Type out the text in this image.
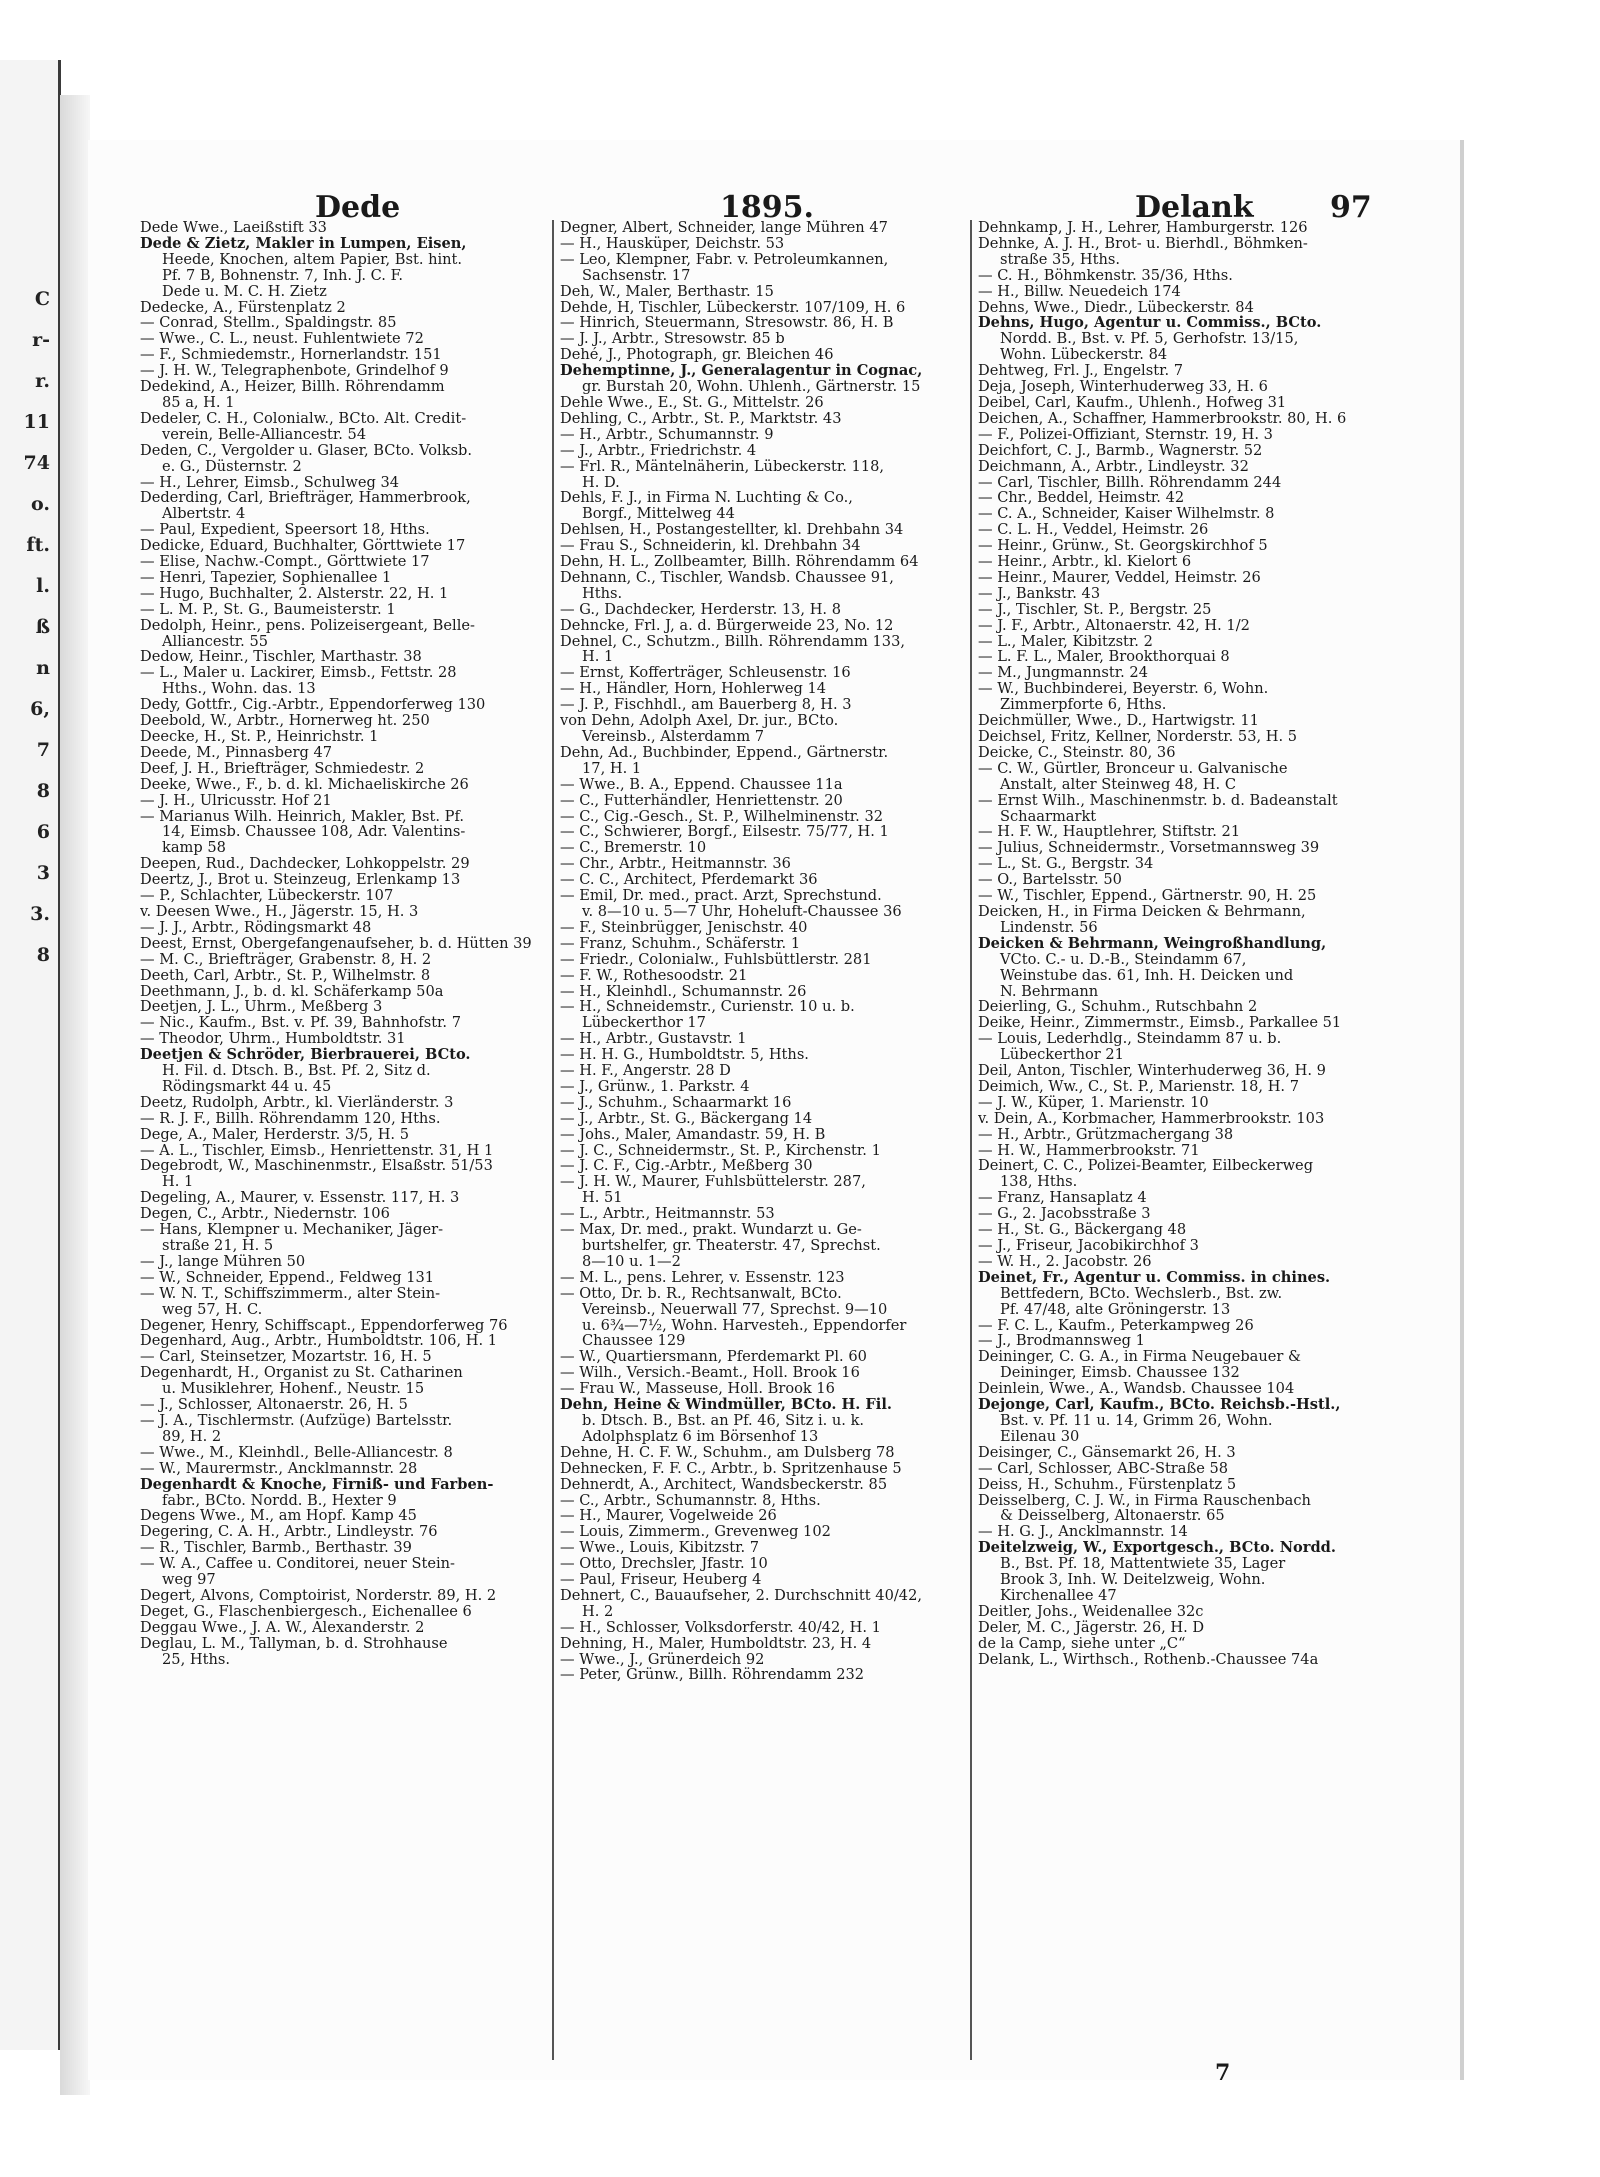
C
r-
r.
11
74
o.
ft.
l.
ß
n
6,
7
8
6
3
3.
8
Dede	1895.	Delank	97
Dede Wwe., Laeißstift 33
Dede & Zietz, Makler in Lumpen, Eisen,
Heede, Knochen, altem Papier, Bst. hint.
Pf. 7 B, Bohnenstr. 7, Inh. J. C. F.
Dede u. M. C. H. Zietz
Dedecke, A., Fürstenplatz 2
— Conrad, Stellm., Spaldingstr. 85
— Wwe., C. L., neust. Fuhlentwiete 72
— F., Schmiedemstr., Hornerlandstr. 151
— J. H. W., Telegraphenbote, Grindelhof 9
Dedekind, A., Heizer, Billh. Röhrendamm
85 a, H. 1
Dedeler, C. H., Colonialw., BCto. Alt. Credit-
verein, Belle-Alliancestr. 54
Deden, C., Vergolder u. Glaser, BCto. Volksb.
e. G., Düsternstr. 2
— H., Lehrer, Eimsb., Schulweg 34
Dederding, Carl, Briefträger, Hammerbrook,
Albertstr. 4
— Paul, Expedient, Speersort 18, Hths.
Dedicke, Eduard, Buchhalter, Görttwiete 17
— Elise, Nachw.-Compt., Görttwiete 17
— Henri, Tapezier, Sophienallee 1
— Hugo, Buchhalter, 2. Alsterstr. 22, H. 1
— L. M. P., St. G., Baumeisterstr. 1
Dedolph, Heinr., pens. Polizeisergeant, Belle-
Alliancestr. 55
Dedow, Heinr., Tischler, Marthastr. 38
— L., Maler u. Lackirer, Eimsb., Fettstr. 28
Hths., Wohn. das. 13
Dedy, Gottfr., Cig.-Arbtr., Eppendorferweg 130
Deebold, W., Arbtr., Hornerweg ht. 250
Deecke, H., St. P., Heinrichstr. 1
Deede, M., Pinnasberg 47
Deef, J. H., Briefträger, Schmiedestr. 2
Deeke, Wwe., F., b. d. kl. Michaeliskirche 26
— J. H., Ulricusstr. Hof 21
— Marianus Wilh. Heinrich, Makler, Bst. Pf.
14, Eimsb. Chaussee 108, Adr. Valentins-
kamp 58
Deepen, Rud., Dachdecker, Lohkoppelstr. 29
Deertz, J., Brot u. Steinzeug, Erlenkamp 13
— P., Schlachter, Lübeckerstr. 107
v. Deesen Wwe., H., Jägerstr. 15, H. 3
— J. J., Arbtr., Rödingsmarkt 48
Deest, Ernst, Obergefangenaufseher, b. d. Hütten 39
— M. C., Briefträger, Grabenstr. 8, H. 2
Deeth, Carl, Arbtr., St. P., Wilhelmstr. 8
Deethmann, J., b. d. kl. Schäferkamp 50a
Deetjen, J. L., Uhrm., Meßberg 3
— Nic., Kaufm., Bst. v. Pf. 39, Bahnhofstr. 7
— Theodor, Uhrm., Humboldtstr. 31
Deetjen & Schröder, Bierbrauerei, BCto.
H. Fil. d. Dtsch. B., Bst. Pf. 2, Sitz d.
Rödingsmarkt 44 u. 45
Deetz, Rudolph, Arbtr., kl. Vierländerstr. 3
— R. J. F., Billh. Röhrendamm 120, Hths.
Dege, A., Maler, Herderstr. 3/5, H. 5
— A. L., Tischler, Eimsb., Henriettenstr. 31, H 1
Degebrodt, W., Maschinenmstr., Elsaßstr. 51/53
H. 1
Degeling, A., Maurer, v. Essenstr. 117, H. 3
Degen, C., Arbtr., Niedernstr. 106
— Hans, Klempner u. Mechaniker, Jäger-
straße 21, H. 5
— J., lange Mühren 50
— W., Schneider, Eppend., Feldweg 131
— W. N. T., Schiffszimmerm., alter Stein-
weg 57, H. C.
Degener, Henry, Schiffscapt., Eppendorferweg 76
Degenhard, Aug., Arbtr., Humboldtstr. 106, H. 1
— Carl, Steinsetzer, Mozartstr. 16, H. 5
Degenhardt, H., Organist zu St. Catharinen
u. Musiklehrer, Hohenf., Neustr. 15
— J., Schlosser, Altonaerstr. 26, H. 5
— J. A., Tischlermstr. (Aufzüge) Bartelsstr.
89, H. 2
— Wwe., M., Kleinhdl., Belle-Alliancestr. 8
— W., Maurermstr., Ancklmannstr. 28
Degenhardt & Knoche, Firniß- und Farben-
fabr., BCto. Nordd. B., Hexter 9
Degens Wwe., M., am Hopf. Kamp 45
Degering, C. A. H., Arbtr., Lindleystr. 76
— R., Tischler, Barmb., Berthastr. 39
— W. A., Caffee u. Conditorei, neuer Stein-
weg 97
Degert, Alvons, Comptoirist, Norderstr. 89, H. 2
Deget, G., Flaschenbiergesch., Eichenallee 6
Deggau Wwe., J. A. W., Alexanderstr. 2
Deglau, L. M., Tallyman, b. d. Strohhause
25, Hths.
Degner, Albert, Schneider, lange Mühren 47
— H., Hausküper, Deichstr. 53
— Leo, Klempner, Fabr. v. Petroleumkannen,
Sachsenstr. 17
Deh, W., Maler, Berthastr. 15
Dehde, H, Tischler, Lübeckerstr. 107/109, H. 6
— Hinrich, Steuermann, Stresowstr. 86, H. B
— J. J., Arbtr., Stresowstr. 85 b
Dehé, J., Photograph, gr. Bleichen 46
Dehemptinne, J., Generalagentur in Cognac,
gr. Burstah 20, Wohn. Uhlenh., Gärtnerstr. 15
Dehle Wwe., E., St. G., Mittelstr. 26
Dehling, C., Arbtr., St. P., Marktstr. 43
— H., Arbtr., Schumannstr. 9
— J., Arbtr., Friedrichstr. 4
— Frl. R., Mäntelnäherin, Lübeckerstr. 118,
H. D.
Dehls, F. J., in Firma N. Luchting & Co.,
Borgf., Mittelweg 44
Dehlsen, H., Postangestellter, kl. Drehbahn 34
— Frau S., Schneiderin, kl. Drehbahn 34
Dehn, H. L., Zollbeamter, Billh. Röhrendamm 64
Dehnann, C., Tischler, Wandsb. Chaussee 91,
Hths.
— G., Dachdecker, Herderstr. 13, H. 8
Dehncke, Frl. J, a. d. Bürgerweide 23, No. 12
Dehnel, C., Schutzm., Billh. Röhrendamm 133,
H. 1
— Ernst, Kofferträger, Schleusenstr. 16
— H., Händler, Horn, Hohlerweg 14
— J. P., Fischhdl., am Bauerberg 8, H. 3
von Dehn, Adolph Axel, Dr. jur., BCto.
Vereinsb., Alsterdamm 7
Dehn, Ad., Buchbinder, Eppend., Gärtnerstr.
17, H. 1
— Wwe., B. A., Eppend. Chaussee 11a
— C., Futterhändler, Henriettenstr. 20
— C., Cig.-Gesch., St. P., Wilhelminenstr. 32
— C., Schwierer, Borgf., Eilsestr. 75/77, H. 1
— C., Bremerstr. 10
— Chr., Arbtr., Heitmannstr. 36
— C. C., Architect, Pferdemarkt 36
— Emil, Dr. med., pract. Arzt, Sprechstund.
v. 8—10 u. 5—7 Uhr, Hoheluft-Chaussee 36
— F., Steinbrügger, Jenischstr. 40
— Franz, Schuhm., Schäferstr. 1
— Friedr., Colonialw., Fuhlsbüttlerstr. 281
— F. W., Rothesoodstr. 21
— H., Kleinhdl., Schumannstr. 26
— H., Schneidemstr., Curienstr. 10 u. b.
Lübeckerthor 17
— H., Arbtr., Gustavstr. 1
— H. H. G., Humboldtstr. 5, Hths.
— H. F., Angerstr. 28 D
— J., Grünw., 1. Parkstr. 4
— J., Schuhm., Schaarmarkt 16
— J., Arbtr., St. G., Bäckergang 14
— Johs., Maler, Amandastr. 59, H. B
— J. C., Schneidermstr., St. P., Kirchenstr. 1
— J. C. F., Cig.-Arbtr., Meßberg 30
— J. H. W., Maurer, Fuhlsbüttelerstr. 287,
H. 51
— L., Arbtr., Heitmannstr. 53
— Max, Dr. med., prakt. Wundarzt u. Ge-
burtshelfer, gr. Theaterstr. 47, Sprechst.
8—10 u. 1—2
— M. L., pens. Lehrer, v. Essenstr. 123
— Otto, Dr. b. R., Rechtsanwalt, BCto.
Vereinsb., Neuerwall 77, Sprechst. 9—10
u. 6¾—7½, Wohn. Harvesteh., Eppendorfer
Chaussee 129
— W., Quartiersmann, Pferdemarkt Pl. 60
— Wilh., Versich.-Beamt., Holl. Brook 16
— Frau W., Masseuse, Holl. Brook 16
Dehn, Heine & Windmüller, BCto. H. Fil.
b. Dtsch. B., Bst. an Pf. 46, Sitz i. u. k.
Adolphsplatz 6 im Börsenhof 13
Dehne, H. C. F. W., Schuhm., am Dulsberg 78
Dehnecken, F. F. C., Arbtr., b. Spritzenhause 5
Dehnerdt, A., Architect, Wandsbeckerstr. 85
— C., Arbtr., Schumannstr. 8, Hths.
— H., Maurer, Vogelweide 26
— Louis, Zimmerm., Grevenweg 102
— Wwe., Louis, Kibitzstr. 7
— Otto, Drechsler, Jfastr. 10
— Paul, Friseur, Heuberg 4
Dehnert, C., Bauaufseher, 2. Durchschnitt 40/42,
H. 2
— H., Schlosser, Volksdorferstr. 40/42, H. 1
Dehning, H., Maler, Humboldtstr. 23, H. 4
— Wwe., J., Grünerdeich 92
— Peter, Grünw., Billh. Röhrendamm 232
Dehnkamp, J. H., Lehrer, Hamburgerstr. 126
Dehnke, A. J. H., Brot- u. Bierhdl., Böhmken-
straße 35, Hths.
— C. H., Böhmkenstr. 35/36, Hths.
— H., Billw. Neuedeich 174
Dehns, Wwe., Diedr., Lübeckerstr. 84
Dehns, Hugo, Agentur u. Commiss., BCto.
Nordd. B., Bst. v. Pf. 5, Gerhofstr. 13/15,
Wohn. Lübeckerstr. 84
Dehtweg, Frl. J., Engelstr. 7
Deja, Joseph, Winterhuderweg 33, H. 6
Deibel, Carl, Kaufm., Uhlenh., Hofweg 31
Deichen, A., Schaffner, Hammerbrookstr. 80, H. 6
— F., Polizei-Offiziant, Sternstr. 19, H. 3
Deichfort, C. J., Barmb., Wagnerstr. 52
Deichmann, A., Arbtr., Lindleystr. 32
— Carl, Tischler, Billh. Röhrendamm 244
— Chr., Beddel, Heimstr. 42
— C. A., Schneider, Kaiser Wilhelmstr. 8
— C. L. H., Veddel, Heimstr. 26
— Heinr., Grünw., St. Georgskirchhof 5
— Heinr., Arbtr., kl. Kielort 6
— Heinr., Maurer, Veddel, Heimstr. 26
— J., Bankstr. 43
— J., Tischler, St. P., Bergstr. 25
— J. F., Arbtr., Altonaerstr. 42, H. 1/2
— L., Maler, Kibitzstr. 2
— L. F. L., Maler, Brookthorquai 8
— M., Jungmannstr. 24
— W., Buchbinderei, Beyerstr. 6, Wohn.
Zimmerpforte 6, Hths.
Deichmüller, Wwe., D., Hartwigstr. 11
Deichsel, Fritz, Kellner, Norderstr. 53, H. 5
Deicke, C., Steinstr. 80, 36
— C. W., Gürtler, Bronceur u. Galvanische
Anstalt, alter Steinweg 48, H. C
— Ernst Wilh., Maschinenmstr. b. d. Badeanstalt
Schaarmarkt
— H. F. W., Hauptlehrer, Stiftstr. 21
— Julius, Schneidermstr., Vorsetmannsweg 39
— L., St. G., Bergstr. 34
— O., Bartelsstr. 50
— W., Tischler, Eppend., Gärtnerstr. 90, H. 25
Deicken, H., in Firma Deicken & Behrmann,
Lindenstr. 56
Deicken & Behrmann, Weingroßhandlung,
VCto. C.- u. D.-B., Steindamm 67,
Weinstube das. 61, Inh. H. Deicken und
N. Behrmann
Deierling, G., Schuhm., Rutschbahn 2
Deike, Heinr., Zimmermstr., Eimsb., Parkallee 51
— Louis, Lederhdlg., Steindamm 87 u. b.
Lübeckerthor 21
Deil, Anton, Tischler, Winterhuderweg 36, H. 9
Deimich, Ww., C., St. P., Marienstr. 18, H. 7
— J. W., Küper, 1. Marienstr. 10
v. Dein, A., Korbmacher, Hammerbrookstr. 103
— H., Arbtr., Grützmachergang 38
— H. W., Hammerbrookstr. 71
Deinert, C. C., Polizei-Beamter, Eilbeckerweg
138, Hths.
— Franz, Hansaplatz 4
— G., 2. Jacobsstraße 3
— H., St. G., Bäckergang 48
— J., Friseur, Jacobikirchhof 3
— W. H., 2. Jacobstr. 26
Deinet, Fr., Agentur u. Commiss. in chines.
Bettfedern, BCto. Wechslerb., Bst. zw.
Pf. 47/48, alte Gröningerstr. 13
— F. C. L., Kaufm., Peterkampweg 26
— J., Brodmannsweg 1
Deininger, C. G. A., in Firma Neugebauer &
Deininger, Eimsb. Chaussee 132
Deinlein, Wwe., A., Wandsb. Chaussee 104
Dejonge, Carl, Kaufm., BCto. Reichsb.-Hstl.,
Bst. v. Pf. 11 u. 14, Grimm 26, Wohn.
Eilenau 30
Deisinger, C., Gänsemarkt 26, H. 3
— Carl, Schlosser, ABC-Straße 58
Deiss, H., Schuhm., Fürstenplatz 5
Deisselberg, C. J. W., in Firma Rauschenbach
& Deisselberg, Altonaerstr. 65
— H. G. J., Ancklmannstr. 14
Deitelzweig, W., Exportgesch., BCto. Nordd.
B., Bst. Pf. 18, Mattentwiete 35, Lager
Brook 3, Inh. W. Deitelzweig, Wohn.
Kirchenallee 47
Deitler, Johs., Weidenallee 32c
Deler, M. C., Jägerstr. 26, H. D
de la Camp, siehe unter „C“
Delank, L., Wirthsch., Rothenb.-Chaussee 74a
7
